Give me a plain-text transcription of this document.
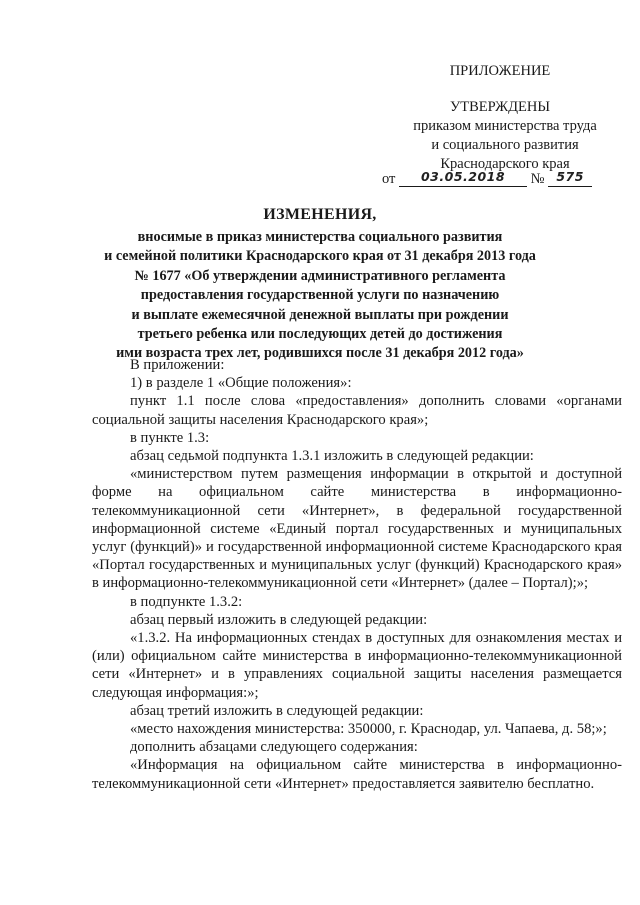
ПРИЛОЖЕНИЕ
УТВЕРЖДЕНЫ
приказом министерства труда
и социального развития
Краснодарского края
от 03.05.2018 № 575
ИЗМЕНЕНИЯ,
вносимые в приказ министерства социального развития
и семейной политики Краснодарского края от 31 декабря 2013 года
№ 1677 «Об утверждении административного регламента
предоставления государственной услуги по назначению
и выплате ежемесячной денежной выплаты при рождении
третьего ребенка или последующих детей до достижения
ими возраста трех лет, родившихся после 31 декабря 2012 года»

В приложении:

1) в разделе 1 «Общие положения»:

пункт 1.1 после слова «предоставления» дополнить словами «органами социальной защиты населения Краснодарского края»;

в пункте 1.3:

абзац седьмой подпункта 1.3.1 изложить в следующей редакции:

«министерством путем размещения информации в открытой и доступной форме на официальном сайте министерства в информационно-телекоммуникационной сети «Интернет», в федеральной государственной информационной системе «Единый портал государственных и муниципальных услуг (функций)» и государственной информационной системе Краснодарского края «Портал государственных и муниципальных услуг (функций) Краснодарского края» в информационно-телекоммуникационной сети «Интернет» (далее – Портал);»;

в подпункте 1.3.2:

абзац первый изложить в следующей редакции:

«1.3.2. На информационных стендах в доступных для ознакомления местах и (или) официальном сайте министерства в информационно-телекоммуникационной сети «Интернет» и в управлениях социальной защиты населения размещается следующая информация:»;

абзац третий изложить в следующей редакции:

«место нахождения министерства: 350000, г. Краснодар, ул. Чапаева, д. 58;»;

дополнить абзацами следующего содержания:

«Информация на официальном сайте министерства в информационно-телекоммуникационной сети «Интернет» предоставляется заявителю бесплатно.
